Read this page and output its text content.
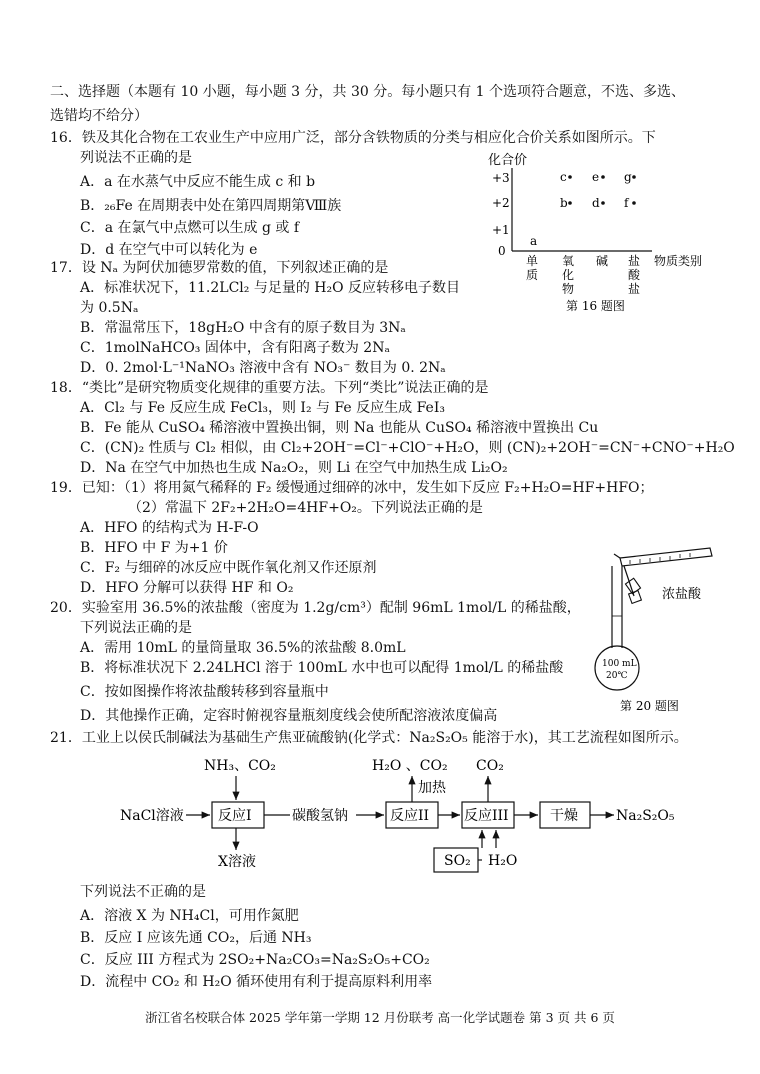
二、选择题（本题有 10 小题，每小题 3 分，共 30 分。每小题只有 1 个选项符合题意，不选、多选、
选错均不给分）
16．铁及其化合物在工农业生产中应用广泛，部分含铁物质的分类与相应化合价关系如图所示。下
列说法不正确的是
A．a 在水蒸气中反应不能生成 c 和 b
B．₂₆Fe 在周期表中处在第四周期第Ⅷ族
C．a 在氯气中点燃可以生成 g 或 f
D．d 在空气中可以转化为 e
化合价
+3
+2
+1
0
a
b
c
d
e
f
g
单
质
氧
化
物
碱 盐
酸
盐
物质类别
第 16 题图
17．设 Nₐ 为阿伏加德罗常数的值，下列叙述正确的是
A．标准状况下，11.2LCl₂ 与足量的 H₂O 反应转移电子数目
为 0.5Nₐ
B．常温常压下，18gH₂O 中含有的原子数目为 3Nₐ
C．1molNaHCO₃ 固体中，含有阳离子数为 2Nₐ
D．0. 2mol·L⁻¹NaNO₃ 溶液中含有 NO₃⁻ 数目为 0. 2Nₐ
18．“类比”是研究物质变化规律的重要方法。下列“类比”说法正确的是
A．Cl₂ 与 Fe 反应生成 FeCl₃，则 I₂ 与 Fe 反应生成 FeI₃
B．Fe 能从 CuSO₄ 稀溶液中置换出铜，则 Na 也能从 CuSO₄ 稀溶液中置换出 Cu
C．(CN)₂ 性质与 Cl₂ 相似，由 Cl₂+2OH⁻=Cl⁻+ClO⁻+H₂O，则 (CN)₂+2OH⁻=CN⁻+CNO⁻+H₂O
D．Na 在空气中加热也生成 Na₂O₂，则 Li 在空气中加热生成 Li₂O₂
19．已知：（1）将用氮气稀释的 F₂ 缓慢通过细碎的冰中，发生如下反应 F₂+H₂O=HF+HFO；
（2）常温下 2F₂+2H₂O=4HF+O₂。下列说法正确的是
A．HFO 的结构式为 H-F-O
B．HFO 中 F 为+1 价
C．F₂ 与细碎的冰反应中既作氧化剂又作还原剂
D．HFO 分解可以获得 HF 和 O₂
20．实验室用 36.5%的浓盐酸（密度为 1.2g/cm³）配制 96mL 1mol/L 的稀盐酸，
下列说法正确的是
A．需用 10mL 的量筒量取 36.5%的浓盐酸 8.0mL
B．将标准状况下 2.24LHCl 溶于 100mL 水中也可以配得 1mol/L 的稀盐酸
C．按如图操作将浓盐酸转移到容量瓶中
D．其他操作正确，定容时俯视容量瓶刻度线会使所配溶液浓度偏高
100 mL
20℃
浓盐酸
第 20 题图
21．工业上以侯氏制碱法为基础生产焦亚硫酸钠(化学式：Na₂S₂O₅ 能溶于水)，其工艺流程如图所示。
NH₃、CO₂
NaCl溶液 反应I
X溶液
碳酸氢钠	反应II
H₂O 、CO₂
加热
反应III
CO₂
SO₂ H₂O
干燥	Na₂S₂O₅
下列说法不正确的是
A．溶液 X 为 NH₄Cl，可用作氮肥
B．反应 I 应该先通 CO₂，后通 NH₃
C．反应 III 方程式为 2SO₂+Na₂CO₃=Na₂S₂O₅+CO₂
D．流程中 CO₂ 和 H₂O 循环使用有利于提高原料利用率
浙江省名校联合体 2025 学年第一学期 12 月份联考 高一化学试题卷 第 3 页 共 6 页
